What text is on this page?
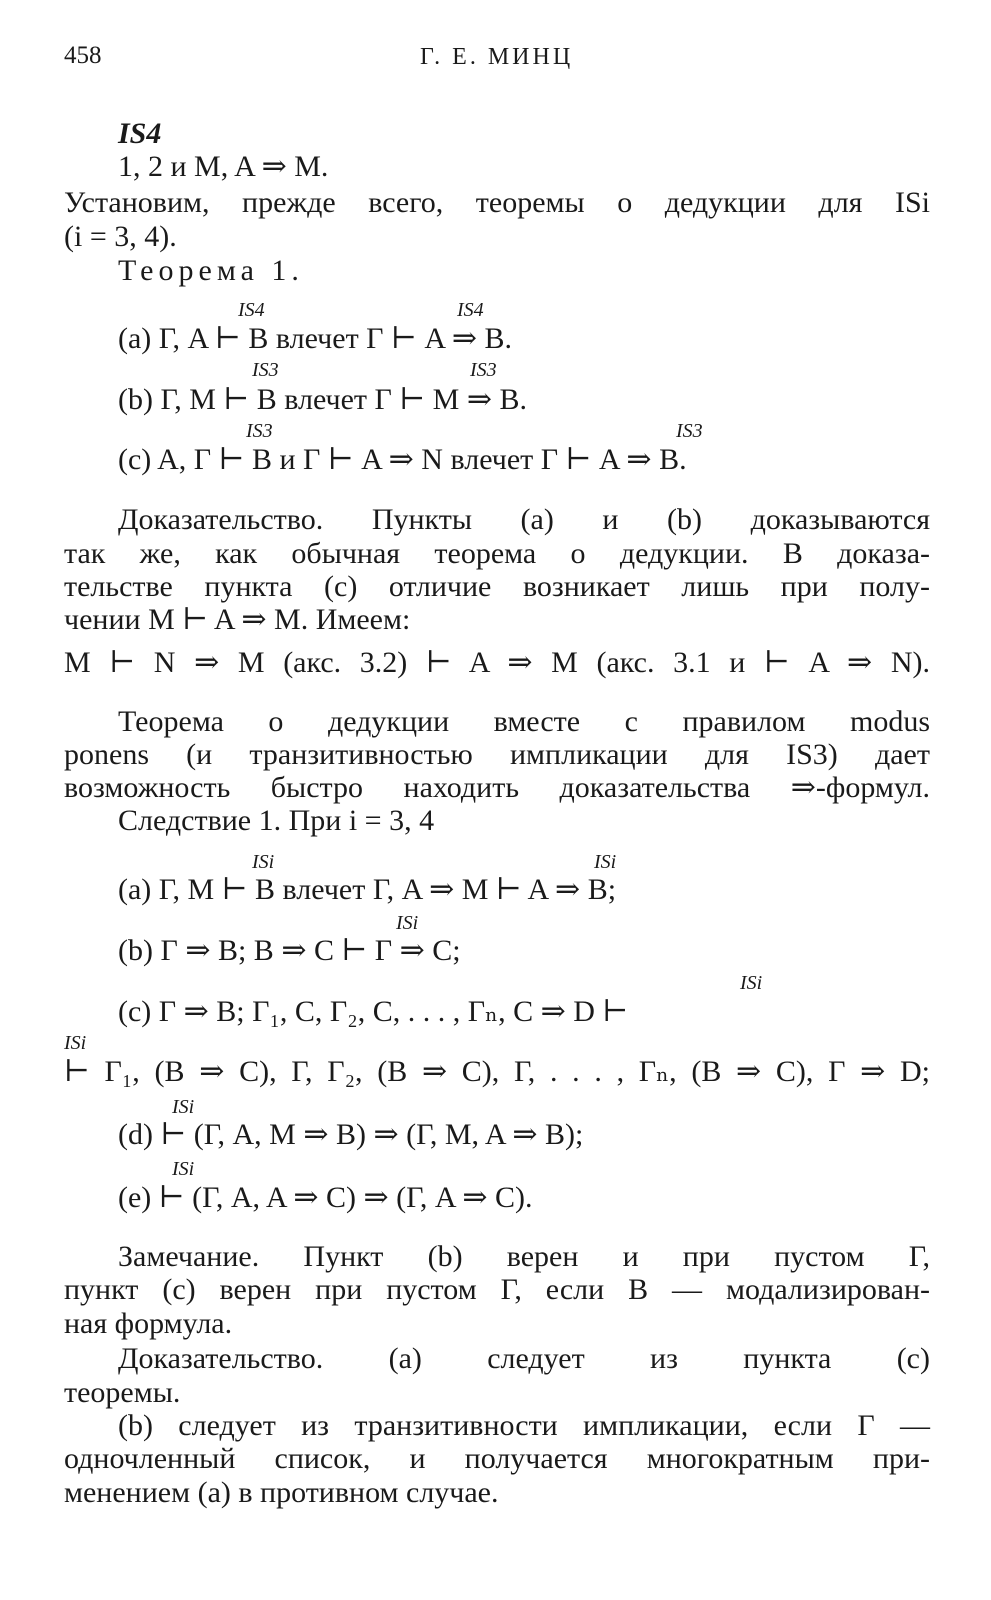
458	Г. Е. МИНЦ
IS4
1, 2 и M, A ⇒ M.
Установим, прежде всего, теоремы о дедукции для ISi
(i = 3, 4).
Теорема 1.
IS4	IS4
(a) Γ, A ⊢ B влечет Γ ⊢ A ⇒ B.
IS3	IS3
(b) Γ, M ⊢ B влечет Γ ⊢ M ⇒ B.
IS3	IS3
(c) A, Γ ⊢ B и Γ ⊢ A ⇒ N влечет Γ ⊢ A ⇒ B.
Доказательство. Пункты (a) и (b) доказываются
так же, как обычная теорема о дедукции. В доказа-
тельстве пункта (c) отличие возникает лишь при полу-
чении M ⊢ A ⇒ M. Имеем:
M ⊢ N ⇒ M (акс. 3.2) ⊢ A ⇒ M (акс. 3.1 и ⊢ A ⇒ N).
Теорема о дедукции вместе с правилом modus
ponens (и транзитивностью импликации для IS3) дает
возможность быстро находить доказательства ⇒-формул.
Следствие 1. При i = 3, 4
ISi	ISi
(a) Γ, M ⊢ B влечет Γ, A ⇒ M ⊢ A ⇒ B;
ISi
(b) Γ ⇒ B; B ⇒ C ⊢ Γ ⇒ C;
ISi
(c) Γ ⇒ B; Γ₁, C, Γ₂, C, . . . , Γₙ, C ⇒ D ⊢
ISi
⊢ Γ₁, (B ⇒ C), Γ, Γ₂, (B ⇒ C), Γ, . . . , Γₙ, (B ⇒ C), Γ ⇒ D;
ISi
(d) ⊢ (Γ, A, M ⇒ B) ⇒ (Γ, M, A ⇒ B);
ISi
(e) ⊢ (Γ, A, A ⇒ C) ⇒ (Γ, A ⇒ C).
Замечание. Пункт (b) верен и при пустом Γ,
пункт (c) верен при пустом Γ, если B — модализирован-
ная формула.
Доказательство. (a) следует из пункта (c)
теоремы.
(b) следует из транзитивности импликации, если Γ —
одночленный список, и получается многократным при-
менением (a) в противном случае.
